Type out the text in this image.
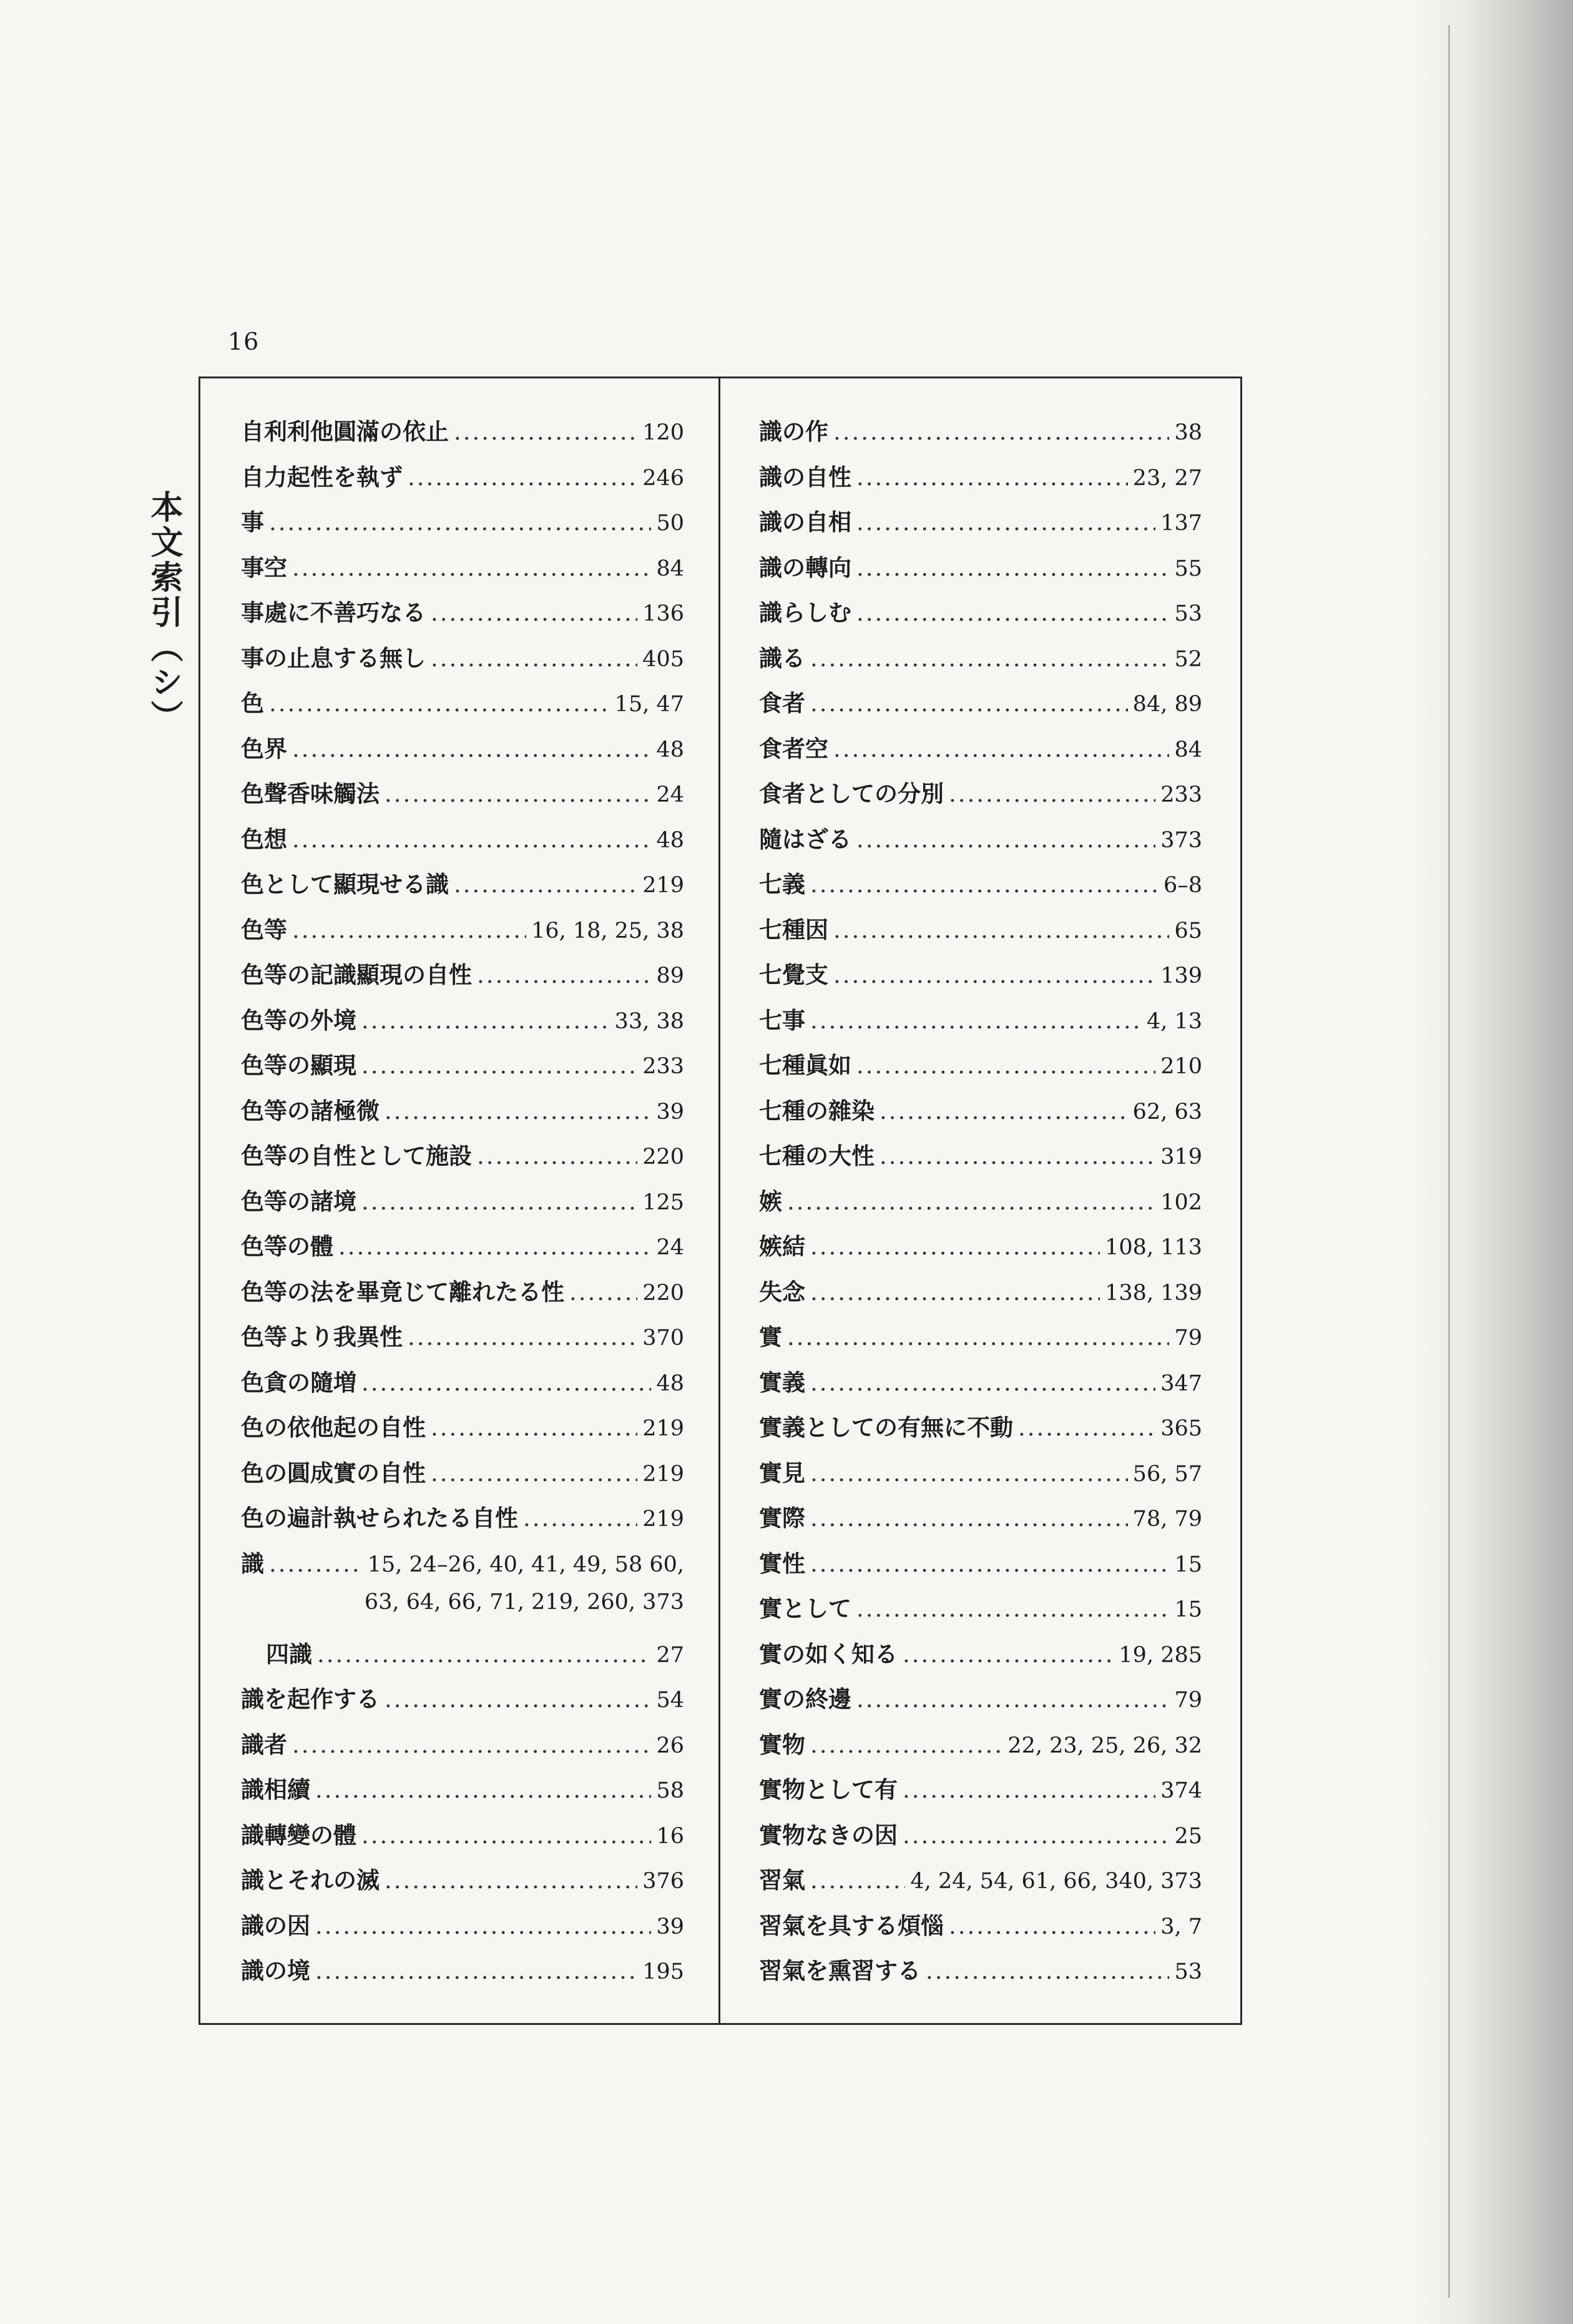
16
本文索引（シ）
自利利他圓滿の依止 .....	120
自力起性を執ず .....	246
事 .....	50
事空 .....	84
事處に不善巧なる .....	136
事の止息する無し .....	405
色 .....	15, 47
色界 .....	48
色聲香味觸法 .....	24
色想 .....	48
色として顯現せる識 .....	219
色等 .....	16, 18, 25, 38
色等の記識顯現の自性 .....	89
色等の外境 .....	33, 38
色等の顯現 .....	233
色等の諸極微 .....	39
色等の自性として施設 .....	220
色等の諸境 .....	125
色等の體 .....	24
色等の法を畢竟じて離れたる性 .....	220
色等より我異性 .....	370
色貪の隨増 .....	48
色の依他起の自性 .....	219
色の圓成實の自性 .....	219
色の遍計執せられたる自性 .....	219
識 .....	15, 24–26, 40, 41, 49, 58 60,
63, 64, 66, 71, 219, 260, 373
四識 .....	27
識を起作する .....	54
識者 .....	26
識相續 .....	58
識轉變の體 .....	16
識とそれの滅 .....	376
識の因 .....	39
識の境 .....	195
識の作 .....	38
識の自性 .....	23, 27
識の自相 .....	137
識の轉向 .....	55
識らしむ .....	53
識る .....	52
食者 .....	84, 89
食者空 .....	84
食者としての分別 .....	233
隨はざる .....	373
七義 .....	6–8
七種因 .....	65
七覺支 .....	139
七事 .....	4, 13
七種眞如 .....	210
七種の雜染 .....	62, 63
七種の大性 .....	319
嫉 .....	102
嫉結 .....	108, 113
失念 .....	138, 139
實 .....	79
實義 .....	347
實義としての有無に不動 .....	365
實見 .....	56, 57
實際 .....	78, 79
實性 .....	15
實として .....	15
實の如く知る .....	19, 285
實の終邊 .....	79
實物 .....	22, 23, 25, 26, 32
實物として有 .....	374
實物なきの因 .....	25
習氣 .....	4, 24, 54, 61, 66, 340, 373
習氣を具する煩惱 .....	3, 7
習氣を熏習する .....	53
